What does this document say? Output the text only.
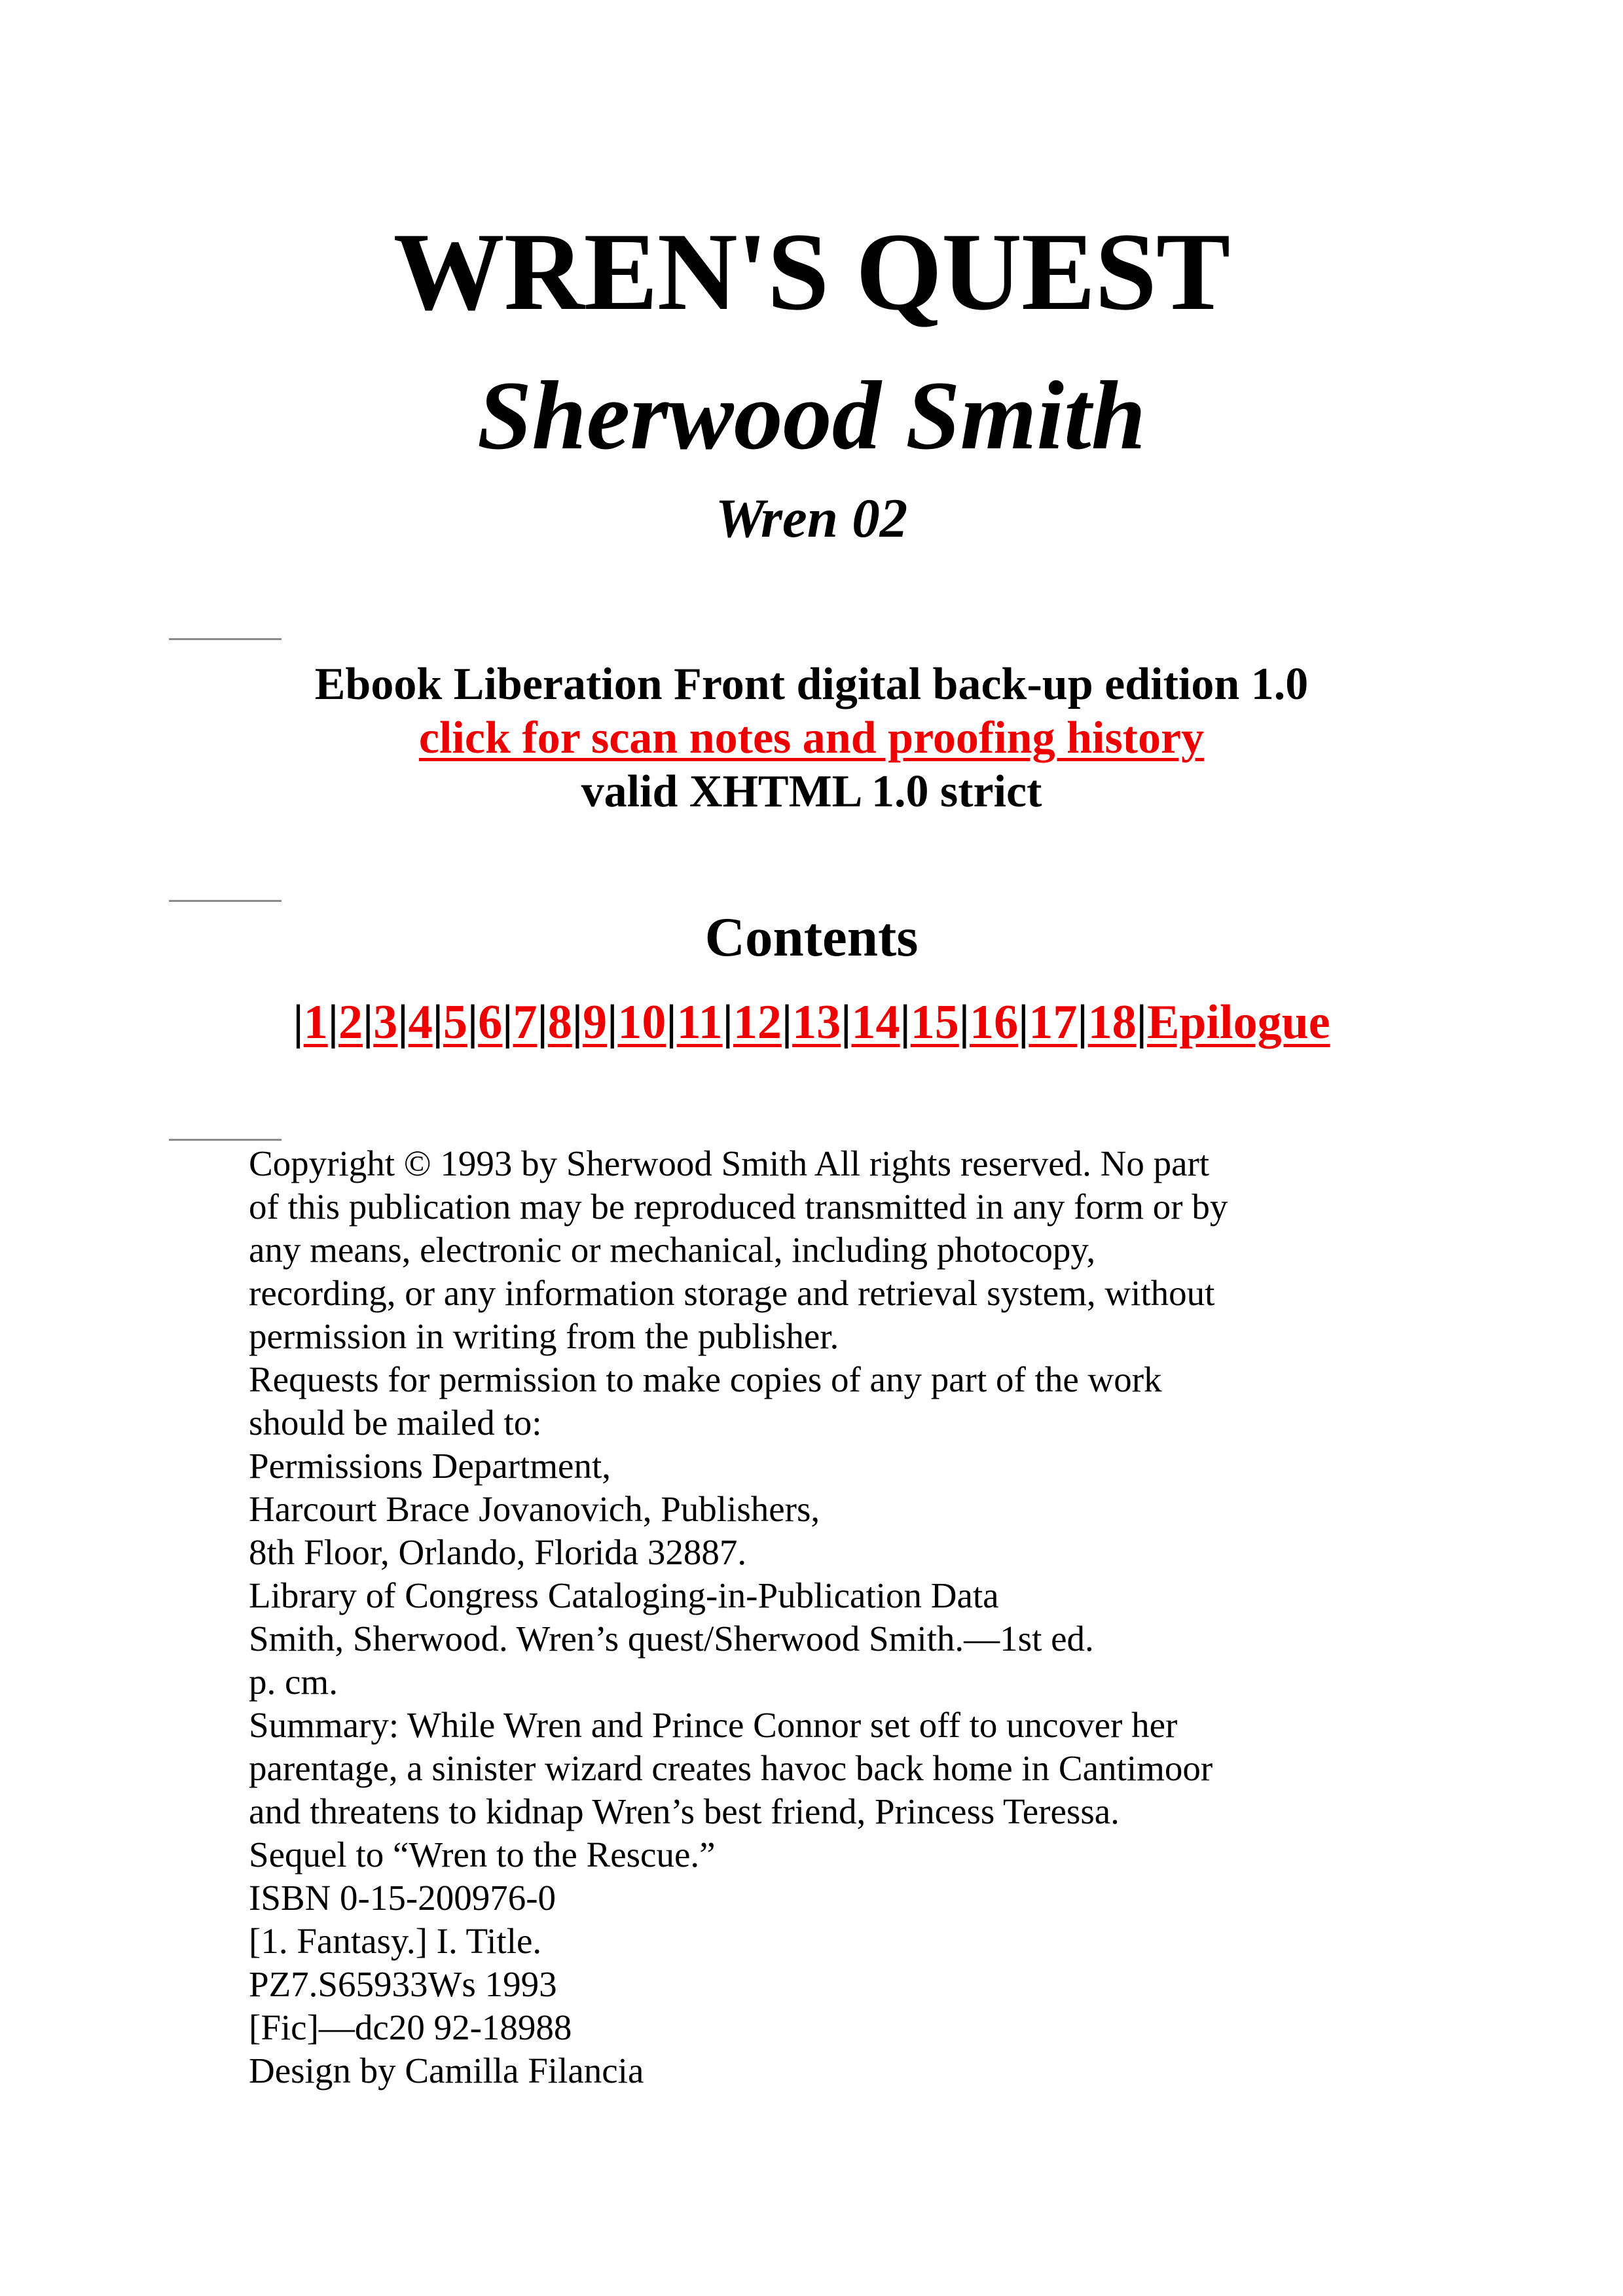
WREN'S QUEST
Sherwood Smith
Wren 02
Ebook Liberation Front digital back-up edition 1.0
click for scan notes and proofing history
valid XHTML 1.0 strict
Contents
|1|2|3|4|5|6|7|8|9|10|11|12|13|14|15|16|17|18|Epilogue
Copyright © 1993 by Sherwood Smith All rights reserved. No part
of this publication may be reproduced transmitted in any form or by
any means, electronic or mechanical, including photocopy,
recording, or any information storage and retrieval system, without
permission in writing from the publisher.
Requests for permission to make copies of any part of the work
should be mailed to:
Permissions Department,
Harcourt Brace Jovanovich, Publishers,
8th Floor, Orlando, Florida 32887.
Library of Congress Cataloging-in-Publication Data
Smith, Sherwood. Wren’s quest/Sherwood Smith.—1st ed.
p. cm.
Summary: While Wren and Prince Connor set off to uncover her
parentage, a sinister wizard creates havoc back home in Cantimoor
and threatens to kidnap Wren’s best friend, Princess Teressa.
Sequel to “Wren to the Rescue.”
ISBN 0-15-200976-0
[1. Fantasy.] I. Title.
PZ7.S65933Ws 1993
[Fic]—dc20 92-18988
Design by Camilla Filancia
